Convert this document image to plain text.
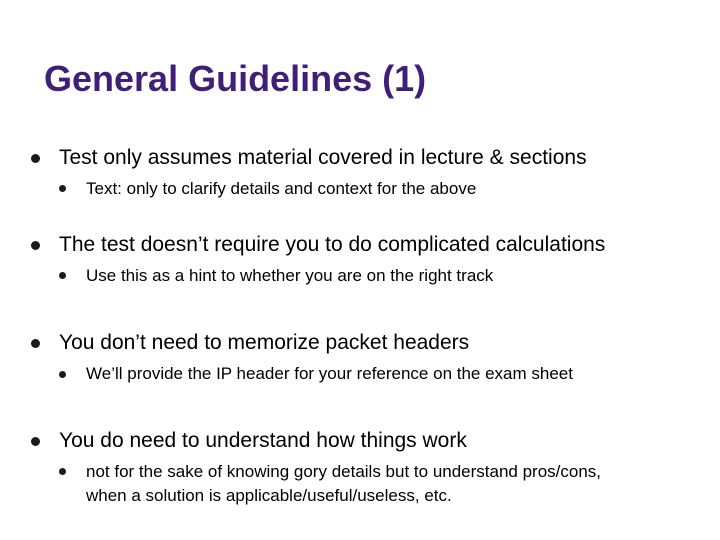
General Guidelines (1)
Test only assumes material covered in lecture & sections
Text: only to clarify details and context for the above
The test doesn’t require you to do complicated calculations
Use this as a hint to whether you are on the right track
You don’t need to memorize packet headers
We’ll provide the IP header for your reference on the exam sheet
You do need to understand how things work
not for the sake of knowing gory details but to understand pros/cons,
when a solution is applicable/useful/useless, etc.
